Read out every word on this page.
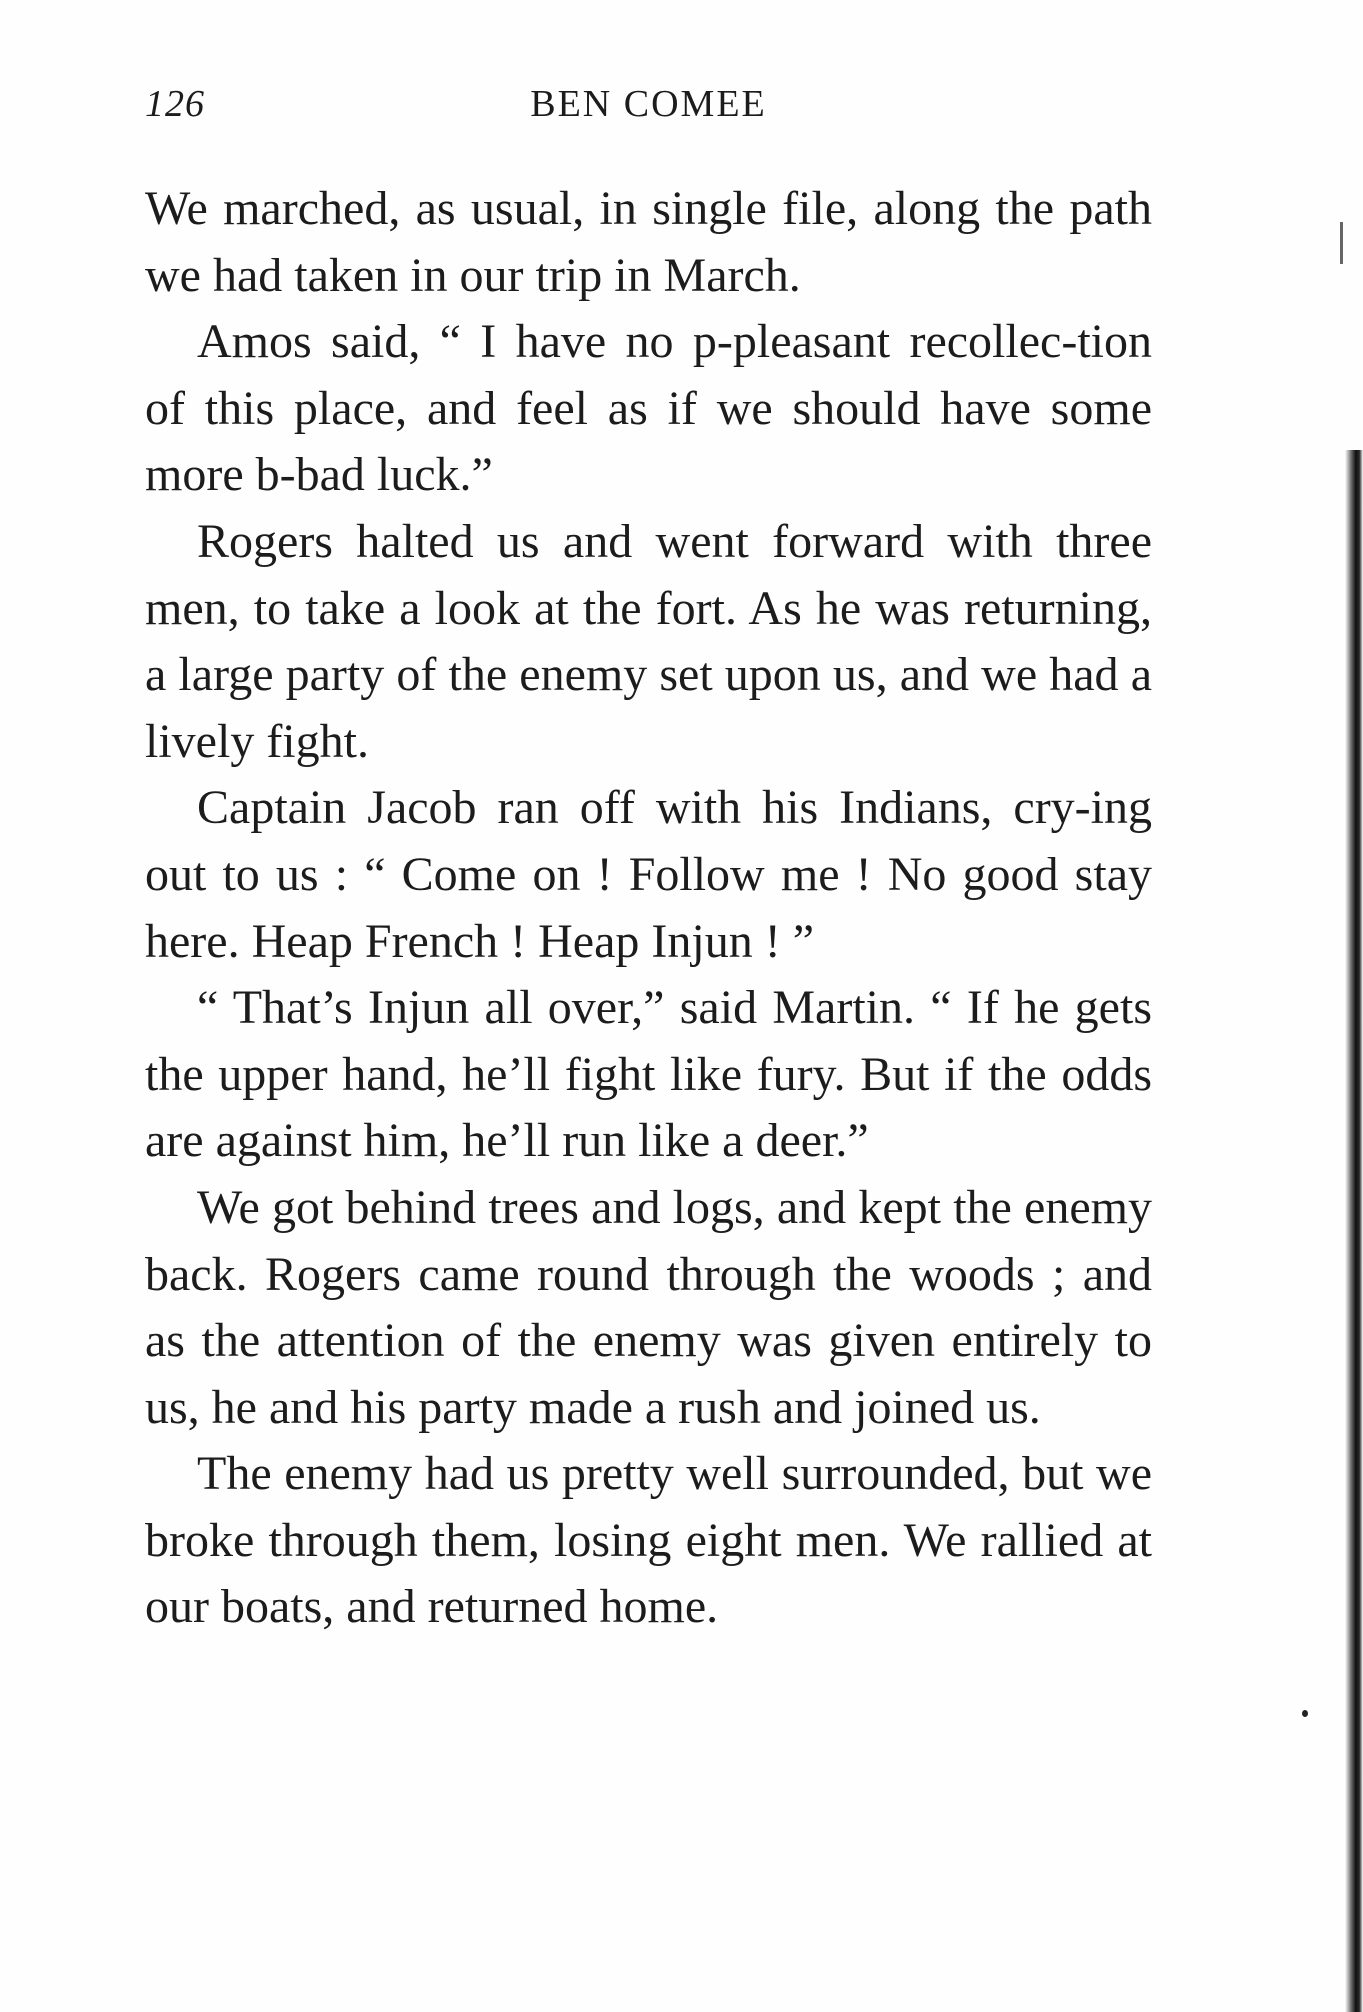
126	BEN COMEE

We marched, as usual, in single file, along the path we had taken in our trip in March.

Amos said, “ I have no p-pleasant recollec-tion of this place, and feel as if we should have some more b-bad luck.”

Rogers halted us and went forward with three men, to take a look at the fort. As he was returning, a large party of the enemy set upon us, and we had a lively fight.

Captain Jacob ran off with his Indians, cry-ing out to us : “ Come on ! Follow me ! No good stay here. Heap French ! Heap Injun ! ”

“ That’s Injun all over,” said Martin. “ If he gets the upper hand, he’ll fight like fury. But if the odds are against him, he’ll run like a deer.”

We got behind trees and logs, and kept the enemy back. Rogers came round through the woods ; and as the attention of the enemy was given entirely to us, he and his party made a rush and joined us.

The enemy had us pretty well surrounded, but we broke through them, losing eight men. We rallied at our boats, and returned home.
